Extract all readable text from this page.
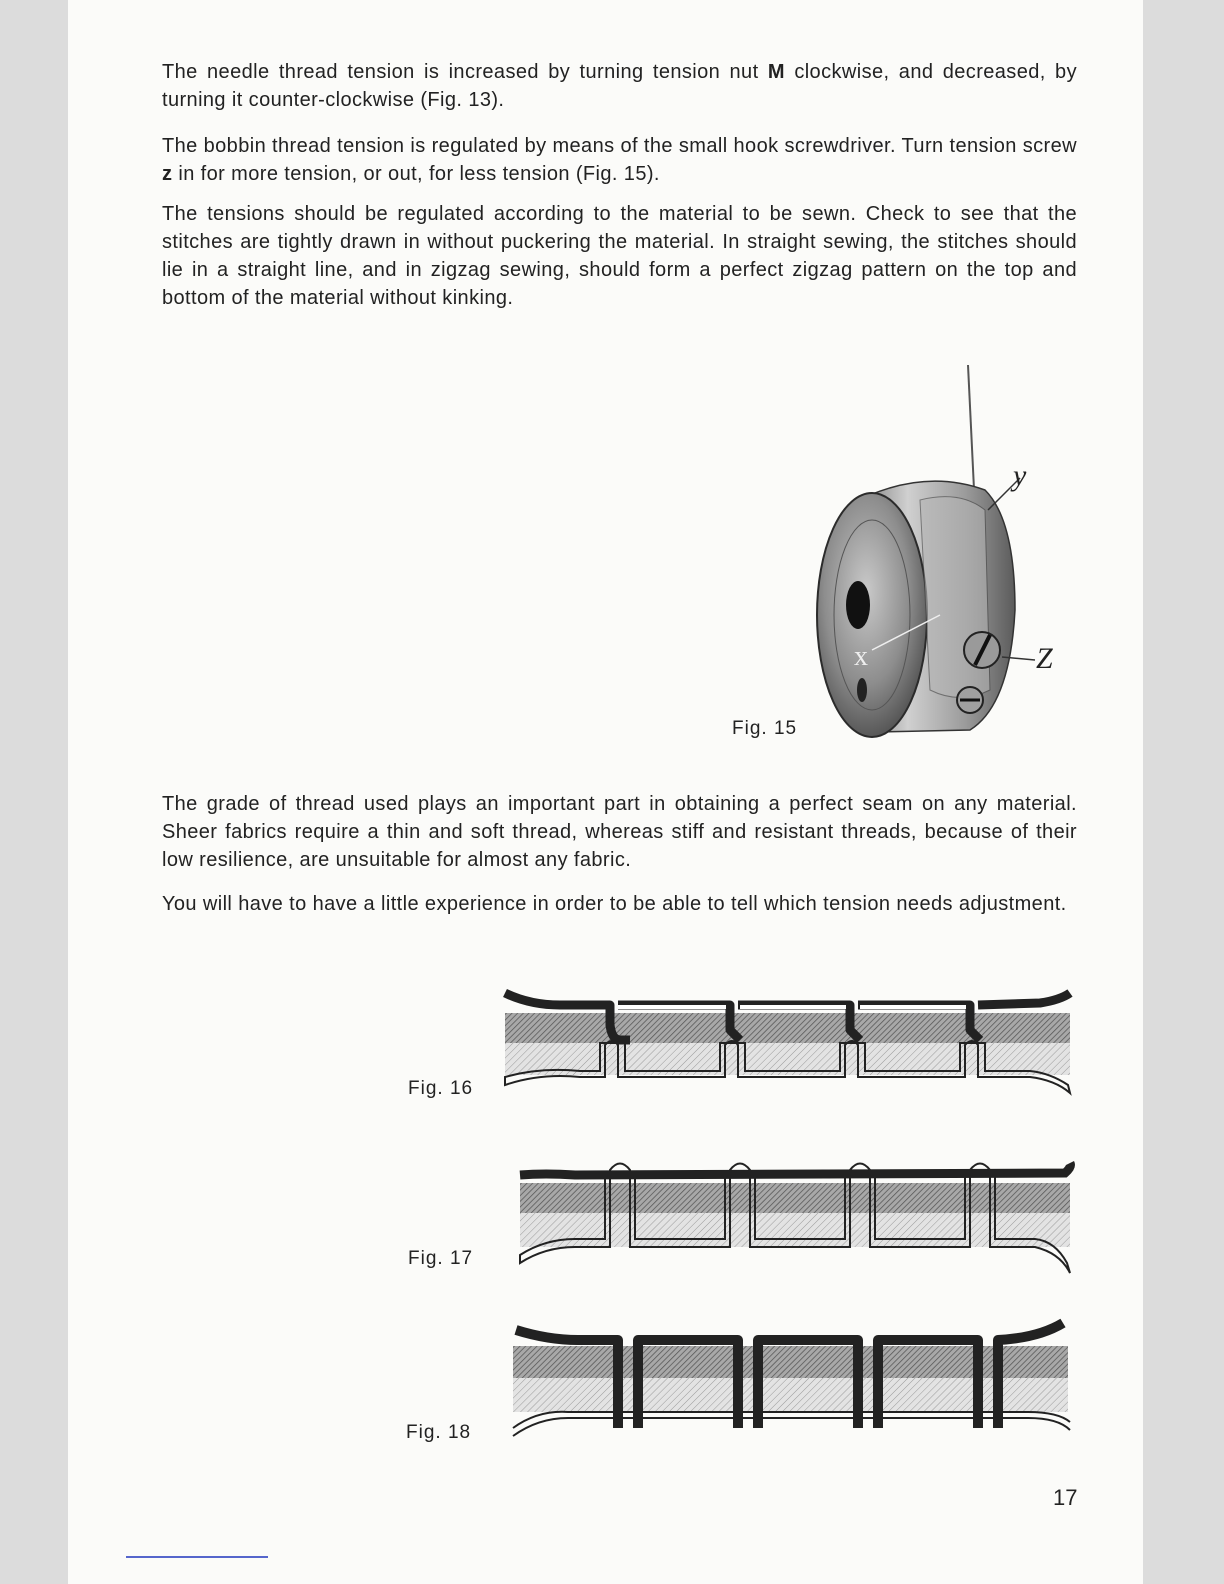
The needle thread tension is increased by turning tension nut M clockwise, and decreased, by turning it counter-clockwise (Fig. 13).

The bobbin thread tension is regulated by means of the small hook screwdriver. Turn tension screw z in for more tension, or out, for less tension (Fig. 15).

The tensions should be regulated according to the material to be sewn. Check to see that the stitches are tightly drawn in without puckering the material. In straight sewing, the stitches should lie in a straight line, and in zigzag sewing, should form a perfect zigzag pattern on the top and bottom of the material without kinking.

y
x	Z
Fig. 15

The grade of thread used plays an important part in obtaining a perfect seam on any material. Sheer fabrics require a thin and soft thread, whereas stiff and resistant threads, because of their low resilience, are unsuitable for almost any fabric.

You will have to have a little experience in order to be able to tell which tension needs adjustment.

Fig. 16
Fig. 17
Fig. 18
17
